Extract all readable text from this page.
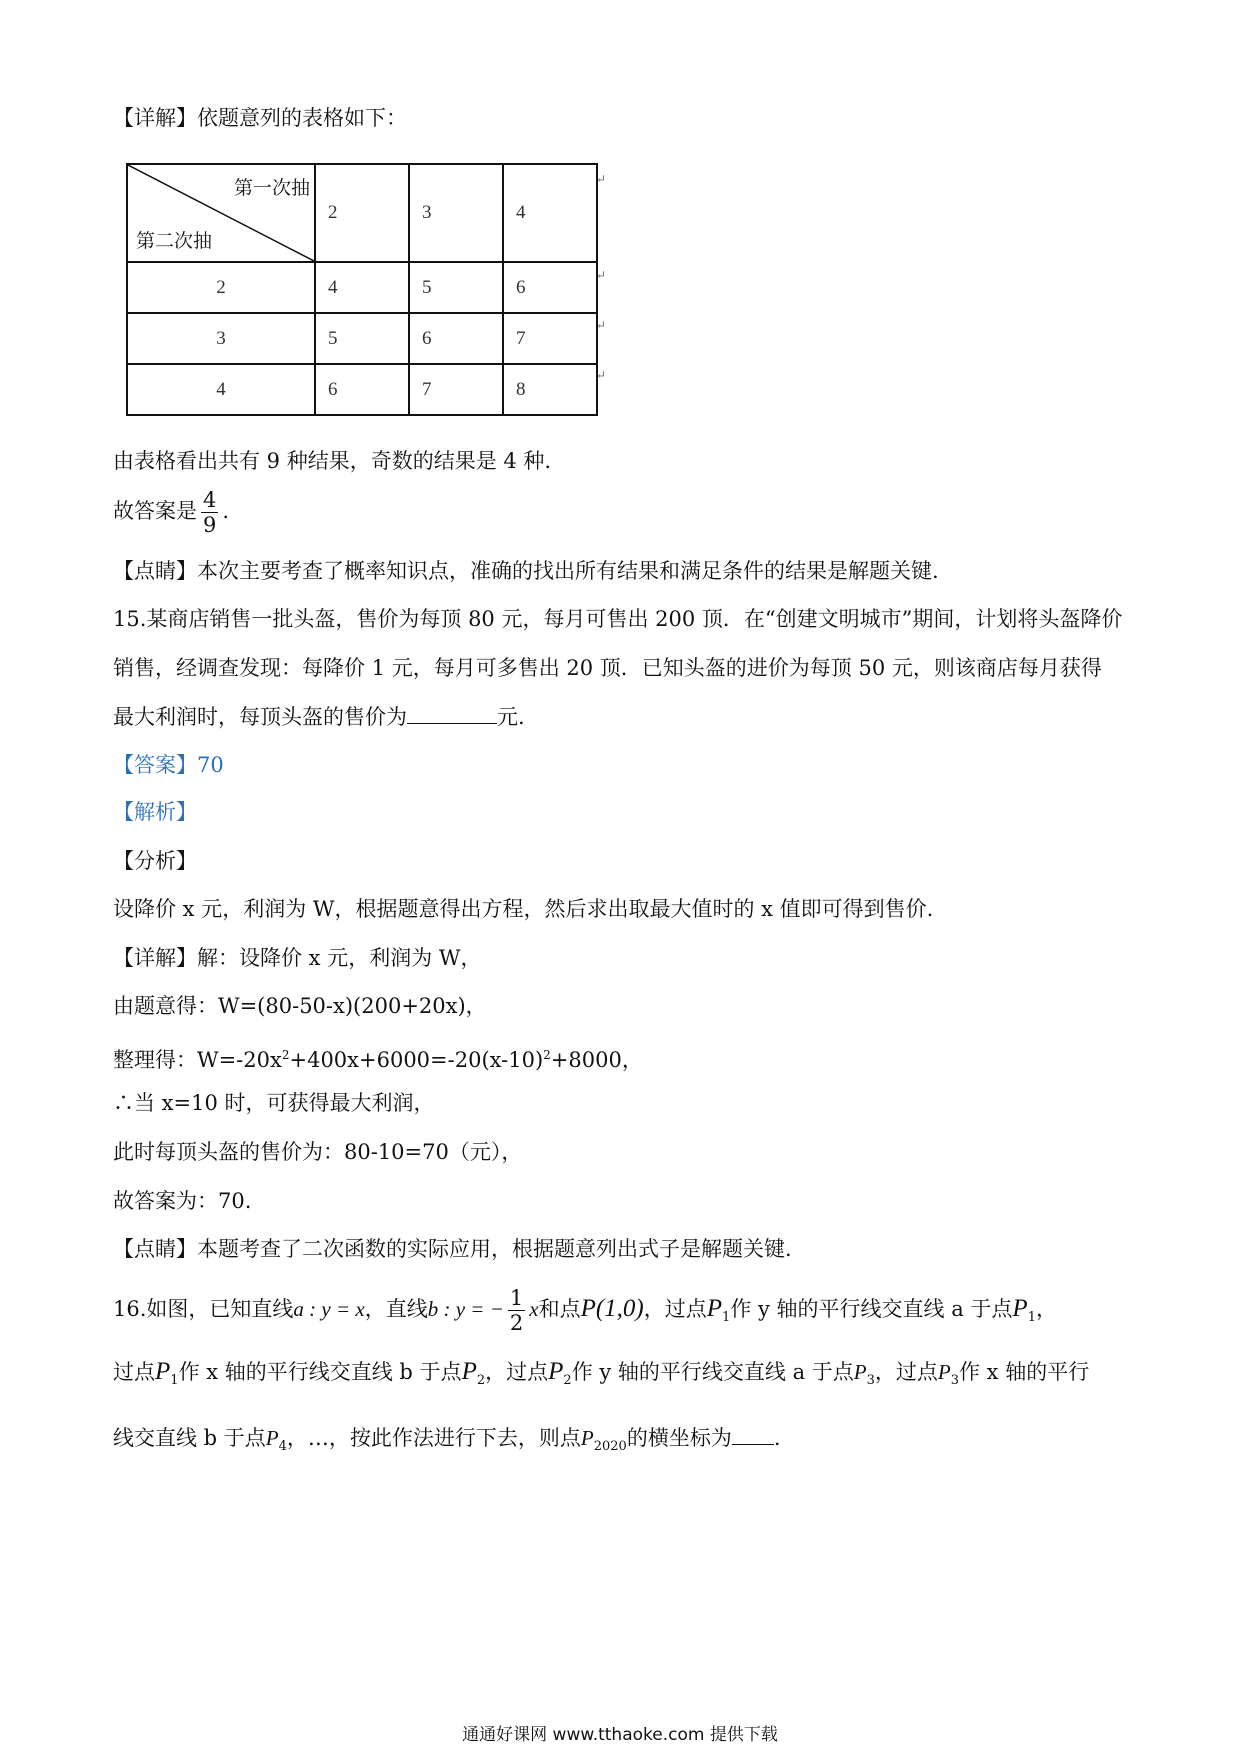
【详解】依题意列的表格如下：
第一次抽
第二次抽	2	3	4
2	4	5	6
3	5	6	7
4	6	7	8
↵
↵
↵
↵
由表格看出共有 9 种结果，奇数的结果是 4 种.
故答案是 $\frac{4}{9}$ .
【点睛】本次主要考查了概率知识点，准确的找出所有结果和满足条件的结果是解题关键.
15.某商店销售一批头盔，售价为每顶 80 元，每月可售出 200 顶．在“创建文明城市”期间，计划将头盔降价
销售，经调查发现：每降价 1 元，每月可多售出 20 顶．已知头盔的进价为每顶 50 元，则该商店每月获得
最大利润时，每顶头盔的售价为	元.
【答案】70
【解析】
【分析】
设降价 x 元，利润为 W，根据题意得出方程，然后求出取最大值时的 x 值即可得到售价.
【详解】解：设降价 x 元，利润为 W，
由题意得：W=(80-50-x)(200+20x)，
整理得：$W=-20x^2+400x+6000=-20(x-10)^2+8000$，
∴当 x=10 时，可获得最大利润，
此时每顶头盔的售价为：80-10=70（元），
故答案为：70.
【点睛】本题考查了二次函数的实际应用，根据题意列出式子是解题关键.
16.如图，已知直线a : y = x，直线b : y = − $\frac{1}{2}$ x和点P(1,0)，过点$P_1$作 y 轴的平行线交直线 a 于点$P_1$，
过点$P_1$作 x 轴的平行线交直线 b 于点$P_2$，过点$P_2$作 y 轴的平行线交直线 a 于点$P_3$，过点$P_3$作 x 轴的平行
线交直线 b 于点$P_4$，…，按此作法进行下去，则点$P_{2020}$的横坐标为 .
通通好课网 www.tthaoke.com 提供下载
